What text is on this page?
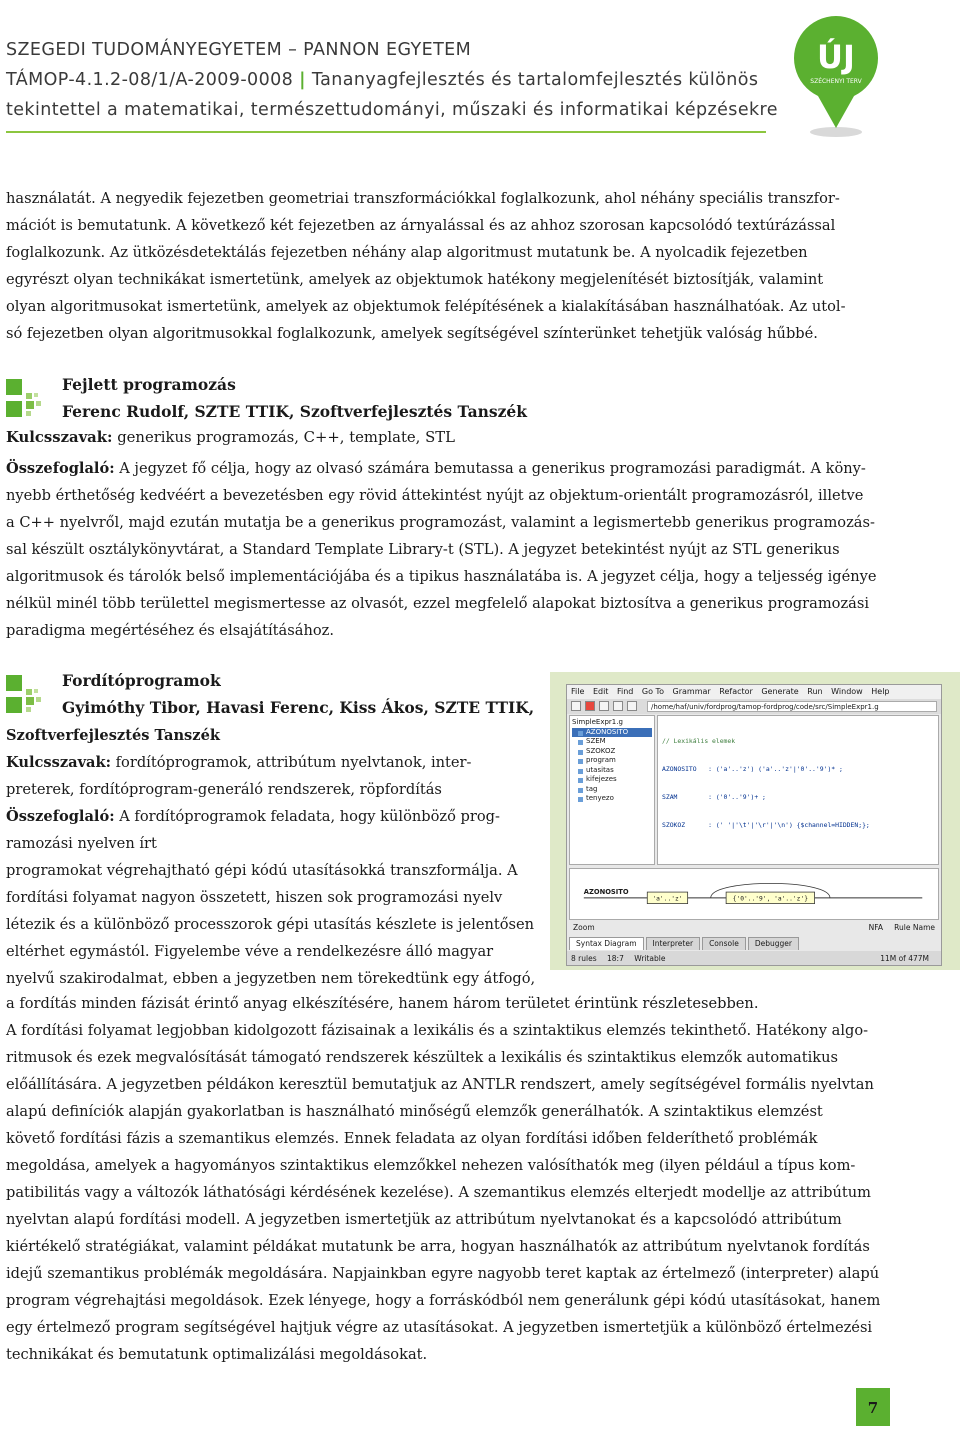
SZEGEDI TUDOMÁNYEGYETEM – PANNON EGYETEM
TÁMOP-4.1.2-08/1/A-2009-0008 | Tananyagfejlesztés és tartalomfejlesztés különös
tekintettel a matematikai, természettudományi, műszaki és informatikai képzésekre
ÚJ
SZÉCHENYI TERV
használatát. A negyedik fejezetben geometriai transzformációkkal foglalkozunk, ahol néhány speciális transzfor-
mációt is bemutatunk. A következő két fejezetben az árnyalással és az ahhoz szorosan kapcsolódó textúrázással
foglalkozunk. Az ütközésdetektálás fejezetben néhány alap algoritmust mutatunk be. A nyolcadik fejezetben
egyrészt olyan technikákat ismertetünk, amelyek az objektumok hatékony megjelenítését biztosítják, valamint
olyan algoritmusokat ismertetünk, amelyek az objektumok felépítésének a kialakításában használhatóak. Az utol-
só fejezetben olyan algoritmusokkal foglalkozunk, amelyek segítségével színterünket tehetjük valóság hűbbé.
Fejlett programozás
Ferenc Rudolf, SZTE TTIK, Szoftverfejlesztés Tanszék
Kulcsszavak: generikus programozás, C++, template, STL
Összefoglaló: A jegyzet fő célja, hogy az olvasó számára bemutassa a generikus programozási paradigmát. A köny-
nyebb érthetőség kedvéért a bevezetésben egy rövid áttekintést nyújt az objektum-orientált programozásról, illetve
a C++ nyelvről, majd ezután mutatja be a generikus programozást, valamint a legismertebb generikus programozás-
sal készült osztálykönyvtárat, a Standard Template Library-t (STL). A jegyzet betekintést nyújt az STL generikus
algoritmusok és tárolók belső implementációjába és a tipikus használatába is. A jegyzet célja, hogy a teljesség igénye
nélkül minél több területtel megismertesse az olvasót, ezzel megfelelő alapokat biztosítva a generikus programozási
paradigma megértéséhez és elsajátításához.
Fordítóprogramok
Gyimóthy Tibor, Havasi Ferenc, Kiss Ákos, SZTE TTIK,
Szoftverfejlesztés Tanszék
Kulcsszavak: fordítóprogramok, attribútum nyelvtanok, inter-
preterek, fordítóprogram-generáló rendszerek, röpfordítás
Összefoglaló: A fordítóprogramok feladata, hogy különböző prog-
ramozási nyelven írt
programokat végrehajtható gépi kódú utasításokká transzformálja. A
fordítási folyamat nagyon összetett, hiszen sok programozási nyelv
létezik és a különböző processzorok gépi utasítás készlete is jelentősen
eltérhet egymástól. Figyelembe véve a rendelkezésre álló magyar
nyelvű szakirodalmat, ebben a jegyzetben nem törekedtünk egy átfogó,
File Edit Find Go To Grammar Refactor Generate Run Window Help
/home/haf/univ/fordprog/tamop-fordprog/code/src/SimpleExpr1.g
SimpleExpr1.g
AZONOSITO
SZEM
SZOKOZ
program
utasitas
kifejezes
tag
tenyezo

// Lexikális elemek

AZONOSITO   : ('a'..'z') ('a'..'z'|'0'..'9')* ;

SZAM        : ('0'..'9')+ ;

SZOKOZ      : (' '|'\t'|'\r'|'\n') {$channel=HIDDEN;};

AZONOSITO
'a'..'z'	{'0'..'9', 'a'..'z'}
Zoom	NFA Rule Name
Syntax Diagram Interpreter Console Debugger
8 rules 18:7 Writable	11M of 477M
a fordítás minden fázisát érintő anyag elkészítésére, hanem három területet érintünk részletesebben.
A fordítási folyamat legjobban kidolgozott fázisainak a lexikális és a szintaktikus elemzés tekinthető. Hatékony algo-
ritmusok és ezek megvalósítását támogató rendszerek készültek a lexikális és szintaktikus elemzők automatikus
előállítására. A jegyzetben példákon keresztül bemutatjuk az ANTLR rendszert, amely segítségével formális nyelvtan
alapú definíciók alapján gyakorlatban is használható minőségű elemzők generálhatók. A szintaktikus elemzést
követő fordítási fázis a szemantikus elemzés. Ennek feladata az olyan fordítási időben felderíthető problémák
megoldása, amelyek a hagyományos szintaktikus elemzőkkel nehezen valósíthatók meg (ilyen például a típus kom-
patibilitás vagy a változók láthatósági kérdésének kezelése). A szemantikus elemzés elterjedt modellje az attribútum
nyelvtan alapú fordítási modell. A jegyzetben ismertetjük az attribútum nyelvtanokat és a kapcsolódó attribútum
kiértékelő stratégiákat, valamint példákat mutatunk be arra, hogyan használhatók az attribútum nyelvtanok fordítás
idejű szemantikus problémák megoldására. Napjainkban egyre nagyobb teret kaptak az értelmező (interpreter) alapú
program végrehajtási megoldások. Ezek lényege, hogy a forráskódból nem generálunk gépi kódú utasításokat, hanem
egy értelmező program segítségével hajtjuk végre az utasításokat. A jegyzetben ismertetjük a különböző értelmezési
technikákat és bemutatunk optimalizálási megoldásokat.
7
